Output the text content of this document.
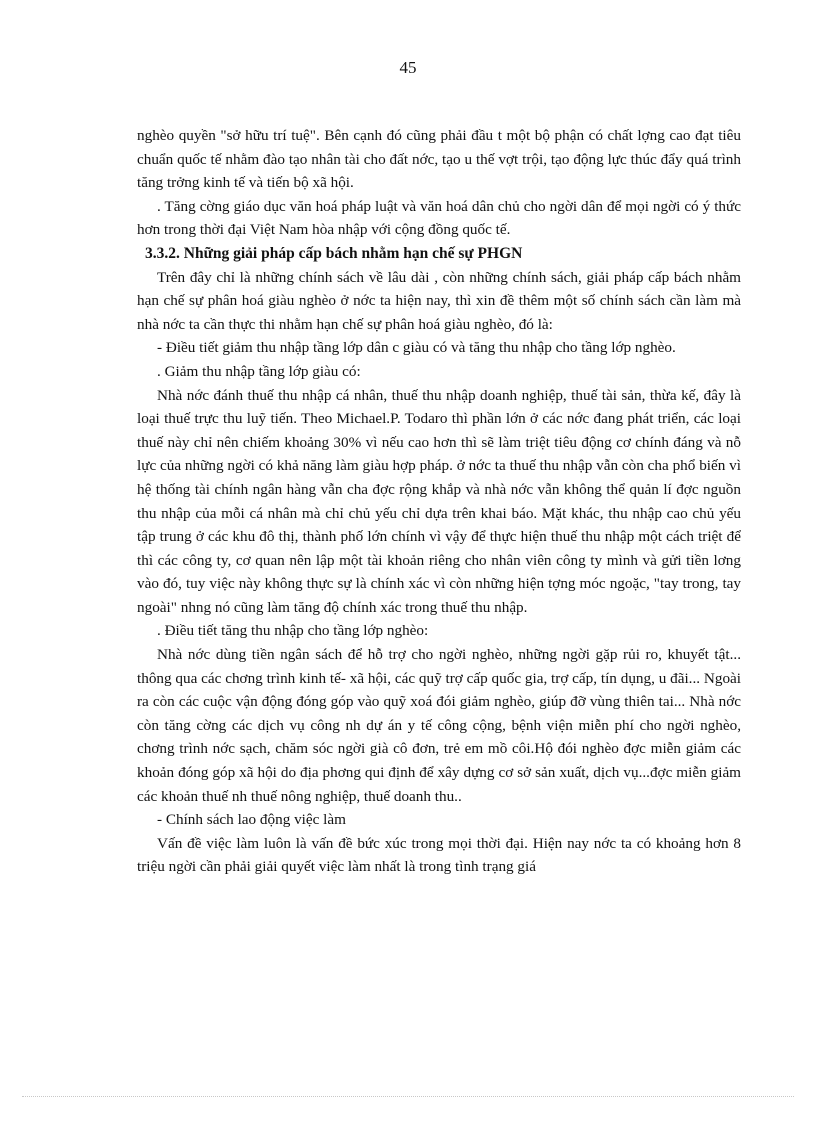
45

nghèo quyền "sở hữu trí tuệ". Bên cạnh đó cũng phải đầu t một bộ phận có chất lợng cao đạt tiêu chuẩn quốc tế nhằm đào tạo nhân tài cho đất nớc, tạo u thế vợt trội, tạo động lực thúc đẩy quá trình tăng trởng kinh tế và tiến bộ xã hội.

. Tăng cờng giáo dục văn hoá pháp luật và văn hoá dân chủ cho ngời dân để mọi ngời có ý thức hơn trong thời đại Việt Nam hòa nhập với cộng đồng quốc tế.

3.3.2. Những giải pháp cấp bách nhằm hạn chế sự PHGN

Trên đây chỉ là những chính sách về lâu dài , còn những chính sách, giải pháp cấp bách nhằm hạn chế sự phân hoá giàu nghèo ở nớc ta hiện nay, thì xin đề thêm một số chính sách cần làm mà nhà nớc ta cần thực thi nhằm hạn chế sự phân hoá giàu nghèo, đó là:

- Điều tiết giảm thu nhập tầng lớp dân c giàu có và tăng thu nhập cho tầng lớp nghèo.

. Giảm thu nhập tầng lớp giàu có:

Nhà nớc đánh thuế thu nhập cá nhân, thuế thu nhập doanh nghiệp, thuế tài sản, thừa kế, đây là loại thuế trực thu luỹ tiến. Theo Michael.P. Todaro thì phần lớn ở các nớc đang phát triển, các loại thuế này chỉ nên chiếm khoảng 30% vì nếu cao hơn thì sẽ làm triệt tiêu động cơ chính đáng và nỗ lực của những ngời có khả năng làm giàu hợp pháp. ở nớc ta thuế thu nhập vẫn còn cha phổ biến vì hệ thống tài chính ngân hàng vẫn cha đợc rộng khắp và nhà nớc vẫn không thể quản lí đợc nguồn thu nhập của mỗi cá nhân mà chỉ chủ yếu chỉ dựa trên khai báo. Mặt khác, thu nhập cao chủ yếu tập trung ở các khu đô thị, thành phố lớn chính vì vậy để thực hiện thuế thu nhập một cách triệt để thì các công ty, cơ quan nên lập một tài khoản riêng cho nhân viên công ty mình và gửi tiền lơng vào đó, tuy việc này không thực sự là chính xác vì còn những hiện tợng móc ngoặc, "tay trong, tay ngoài" nhng nó cũng làm tăng độ chính xác trong thuế thu nhập.

. Điều tiết tăng thu nhập cho tầng lớp nghèo:

Nhà nớc dùng tiền ngân sách để hỗ trợ cho ngời nghèo, những ngời gặp rủi ro, khuyết tật... thông qua các chơng trình kinh tế- xã hội, các quỹ trợ cấp quốc gia, trợ cấp, tín dụng, u đãi... Ngoài ra còn các cuộc vận động đóng góp vào quỹ xoá đói giảm nghèo, giúp đỡ vùng thiên tai... Nhà nớc còn tăng cờng các dịch vụ công nh dự án y tế công cộng, bệnh viện miễn phí cho ngời nghèo, chơng trình nớc sạch, chăm sóc ngời già cô đơn, trẻ em mồ côi.Hộ đói nghèo đợc miễn giảm các khoản đóng góp xã hội do địa phơng qui định để xây dựng cơ sở sản xuất, dịch vụ...đợc miễn giảm các khoản thuế nh thuế nông nghiệp, thuế doanh thu..

- Chính sách lao động việc làm

Vấn đề việc làm luôn là vấn đề bức xúc trong mọi thời đại. Hiện nay nớc ta có khoảng hơn 8 triệu ngời cần phải giải quyết việc làm nhất là trong tình trạng giá
